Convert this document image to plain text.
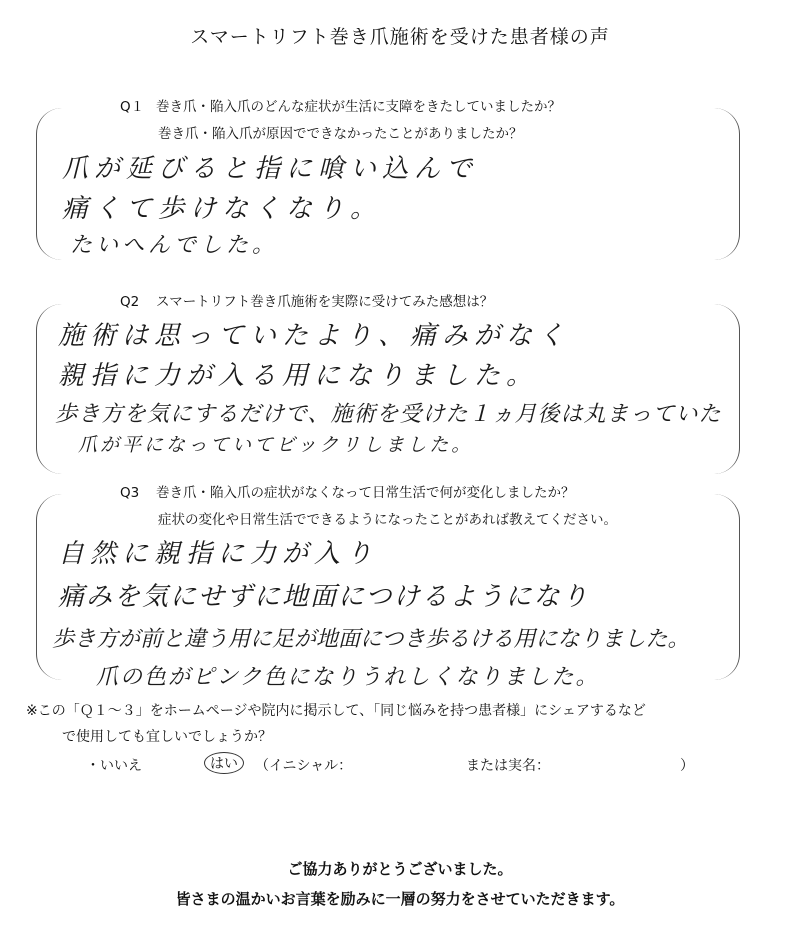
スマートリフト巻き爪施術を受けた患者様の声
Q１ 巻き爪・陥入爪のどんな症状が生活に支障をきたしていましたか？
巻き爪・陥入爪が原因でできなかったことがありましたか？
爪が延びると指に喰い込んで
痛くて歩けなくなり。
たいへんでした。
Q2 スマートリフト巻き爪施術を実際に受けてみた感想は？
施術は思っていたより、痛みがなく
親指に力が入る用になりました。
歩き方を気にするだけで、施術を受けた１ヵ月後は丸まっていた
爪が平になっていてビックリしました。
Q3 巻き爪・陥入爪の症状がなくなって日常生活で何が変化しましたか？
症状の変化や日常生活でできるようになったことがあれば教えてください。
自然に親指に力が入り
痛みを気にせずに地面につけるようになり
歩き方が前と違う用に足が地面につき歩るける用になりました。
爪の色がピンク色になりうれしくなりました。
※この「Ｑ１～３」をホームページや院内に掲示して、「同じ悩みを持つ患者様」にシェアするなど
で使用しても宜しいでしょうか？
・いいえ	はい	（イニシャル：	または実名：	）
ご協力ありがとうございました。
皆さまの温かいお言葉を励みに一層の努力をさせていただきます。
